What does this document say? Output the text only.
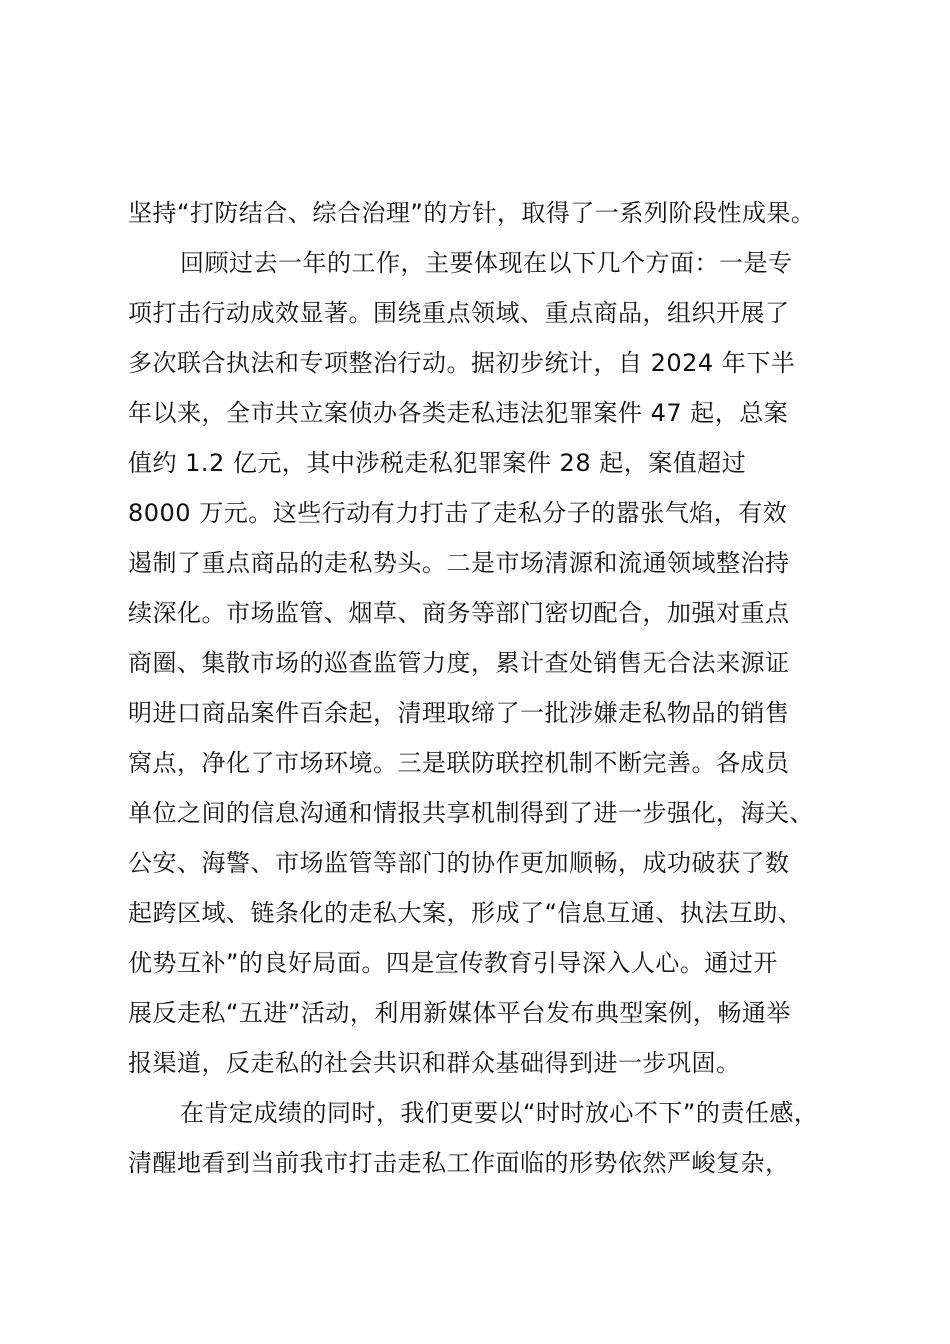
坚持“打防结合、综合治理”的方针，取得了一系列阶段性成果。
回顾过去一年的工作，主要体现在以下几个方面：一是专
项打击行动成效显著。围绕重点领域、重点商品，组织开展了
多次联合执法和专项整治行动。据初步统计，自 2024 年下半
年以来，全市共立案侦办各类走私违法犯罪案件 47 起，总案
值约 1.2 亿元，其中涉税走私犯罪案件 28 起，案值超过
8000 万元。这些行动有力打击了走私分子的嚣张气焰，有效
遏制了重点商品的走私势头。二是市场清源和流通领域整治持
续深化。市场监管、烟草、商务等部门密切配合，加强对重点
商圈、集散市场的巡查监管力度，累计查处销售无合法来源证
明进口商品案件百余起，清理取缔了一批涉嫌走私物品的销售
窝点，净化了市场环境。三是联防联控机制不断完善。各成员
单位之间的信息沟通和情报共享机制得到了进一步强化，海关、
公安、海警、市场监管等部门的协作更加顺畅，成功破获了数
起跨区域、链条化的走私大案，形成了“信息互通、执法互助、
优势互补”的良好局面。四是宣传教育引导深入人心。通过开
展反走私“五进”活动，利用新媒体平台发布典型案例，畅通举
报渠道，反走私的社会共识和群众基础得到进一步巩固。
在肯定成绩的同时，我们更要以“时时放心不下”的责任感，
清醒地看到当前我市打击走私工作面临的形势依然严峻复杂，
